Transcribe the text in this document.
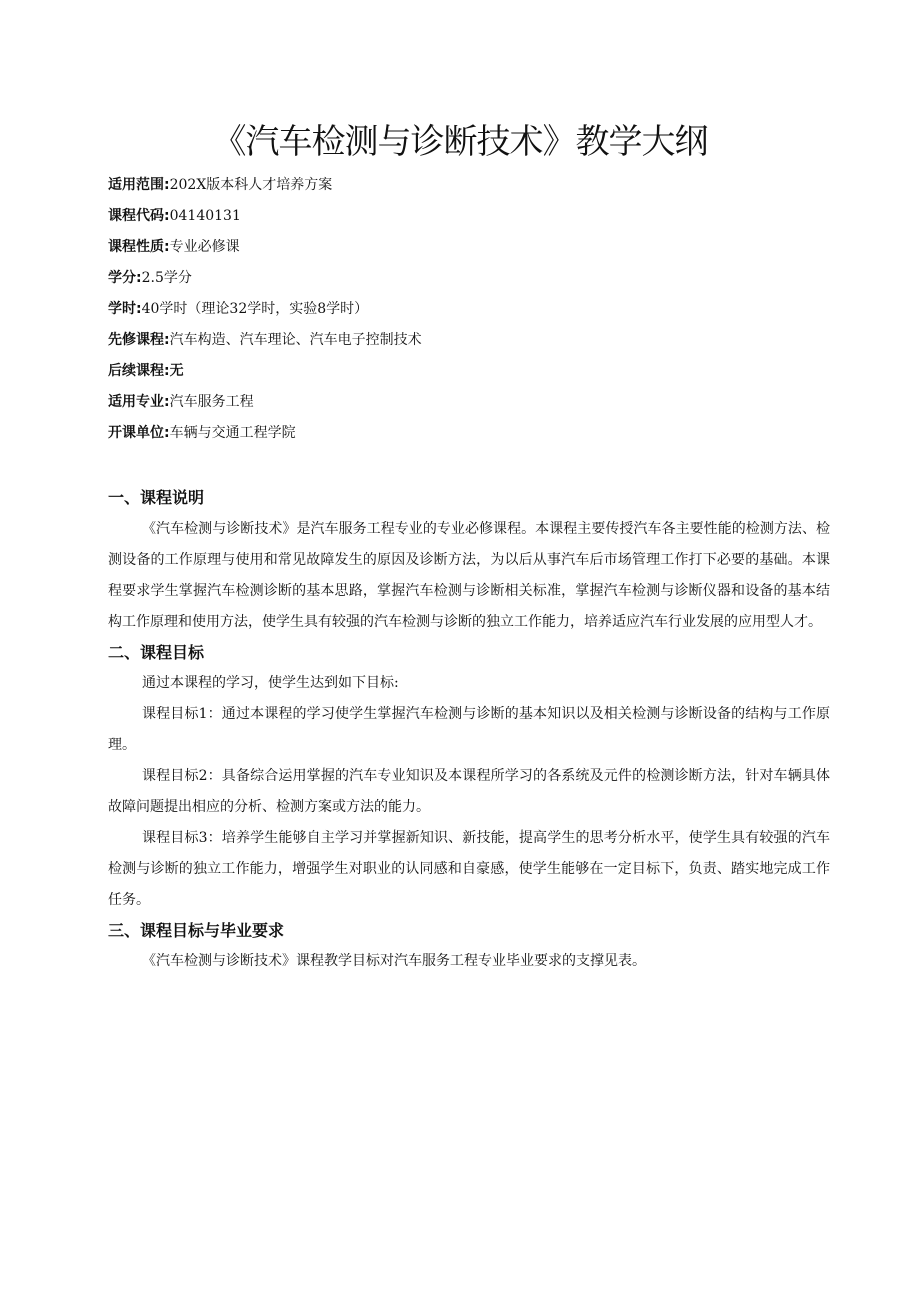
《汽车检测与诊断技术》教学大纲
适用范围:202X版本科人才培养方案
课程代码:04140131
课程性质:专业必修课
学分:2.5学分
学时:40学时（理论32学时，实验8学时）
先修课程:汽车构造、汽车理论、汽车电子控制技术
后续课程:无
适用专业:汽车服务工程
开课单位:车辆与交通工程学院
一、课程说明

《汽车检测与诊断技术》是汽车服务工程专业的专业必修课程。本课程主要传授汽车各主要性能的检测方法、检测设备的工作原理与使用和常见故障发生的原因及诊断方法，为以后从事汽车后市场管理工作打下必要的基础。本课程要求学生掌握汽车检测诊断的基本思路，掌握汽车检测与诊断相关标准，掌握汽车检测与诊断仪器和设备的基本结构工作原理和使用方法，使学生具有较强的汽车检测与诊断的独立工作能力，培养适应汽车行业发展的应用型人才。

二、课程目标

通过本课程的学习，使学生达到如下目标:

课程目标1：通过本课程的学习使学生掌握汽车检测与诊断的基本知识以及相关检测与诊断设备的结构与工作原理。

课程目标2：具备综合运用掌握的汽车专业知识及本课程所学习的各系统及元件的检测诊断方法，针对车辆具体故障问题提出相应的分析、检测方案或方法的能力。

课程目标3：培养学生能够自主学习并掌握新知识、新技能，提高学生的思考分析水平，使学生具有较强的汽车检测与诊断的独立工作能力，增强学生对职业的认同感和自豪感，使学生能够在一定目标下，负责、踏实地完成工作任务。

三、课程目标与毕业要求

《汽车检测与诊断技术》课程教学目标对汽车服务工程专业毕业要求的支撑见表。
